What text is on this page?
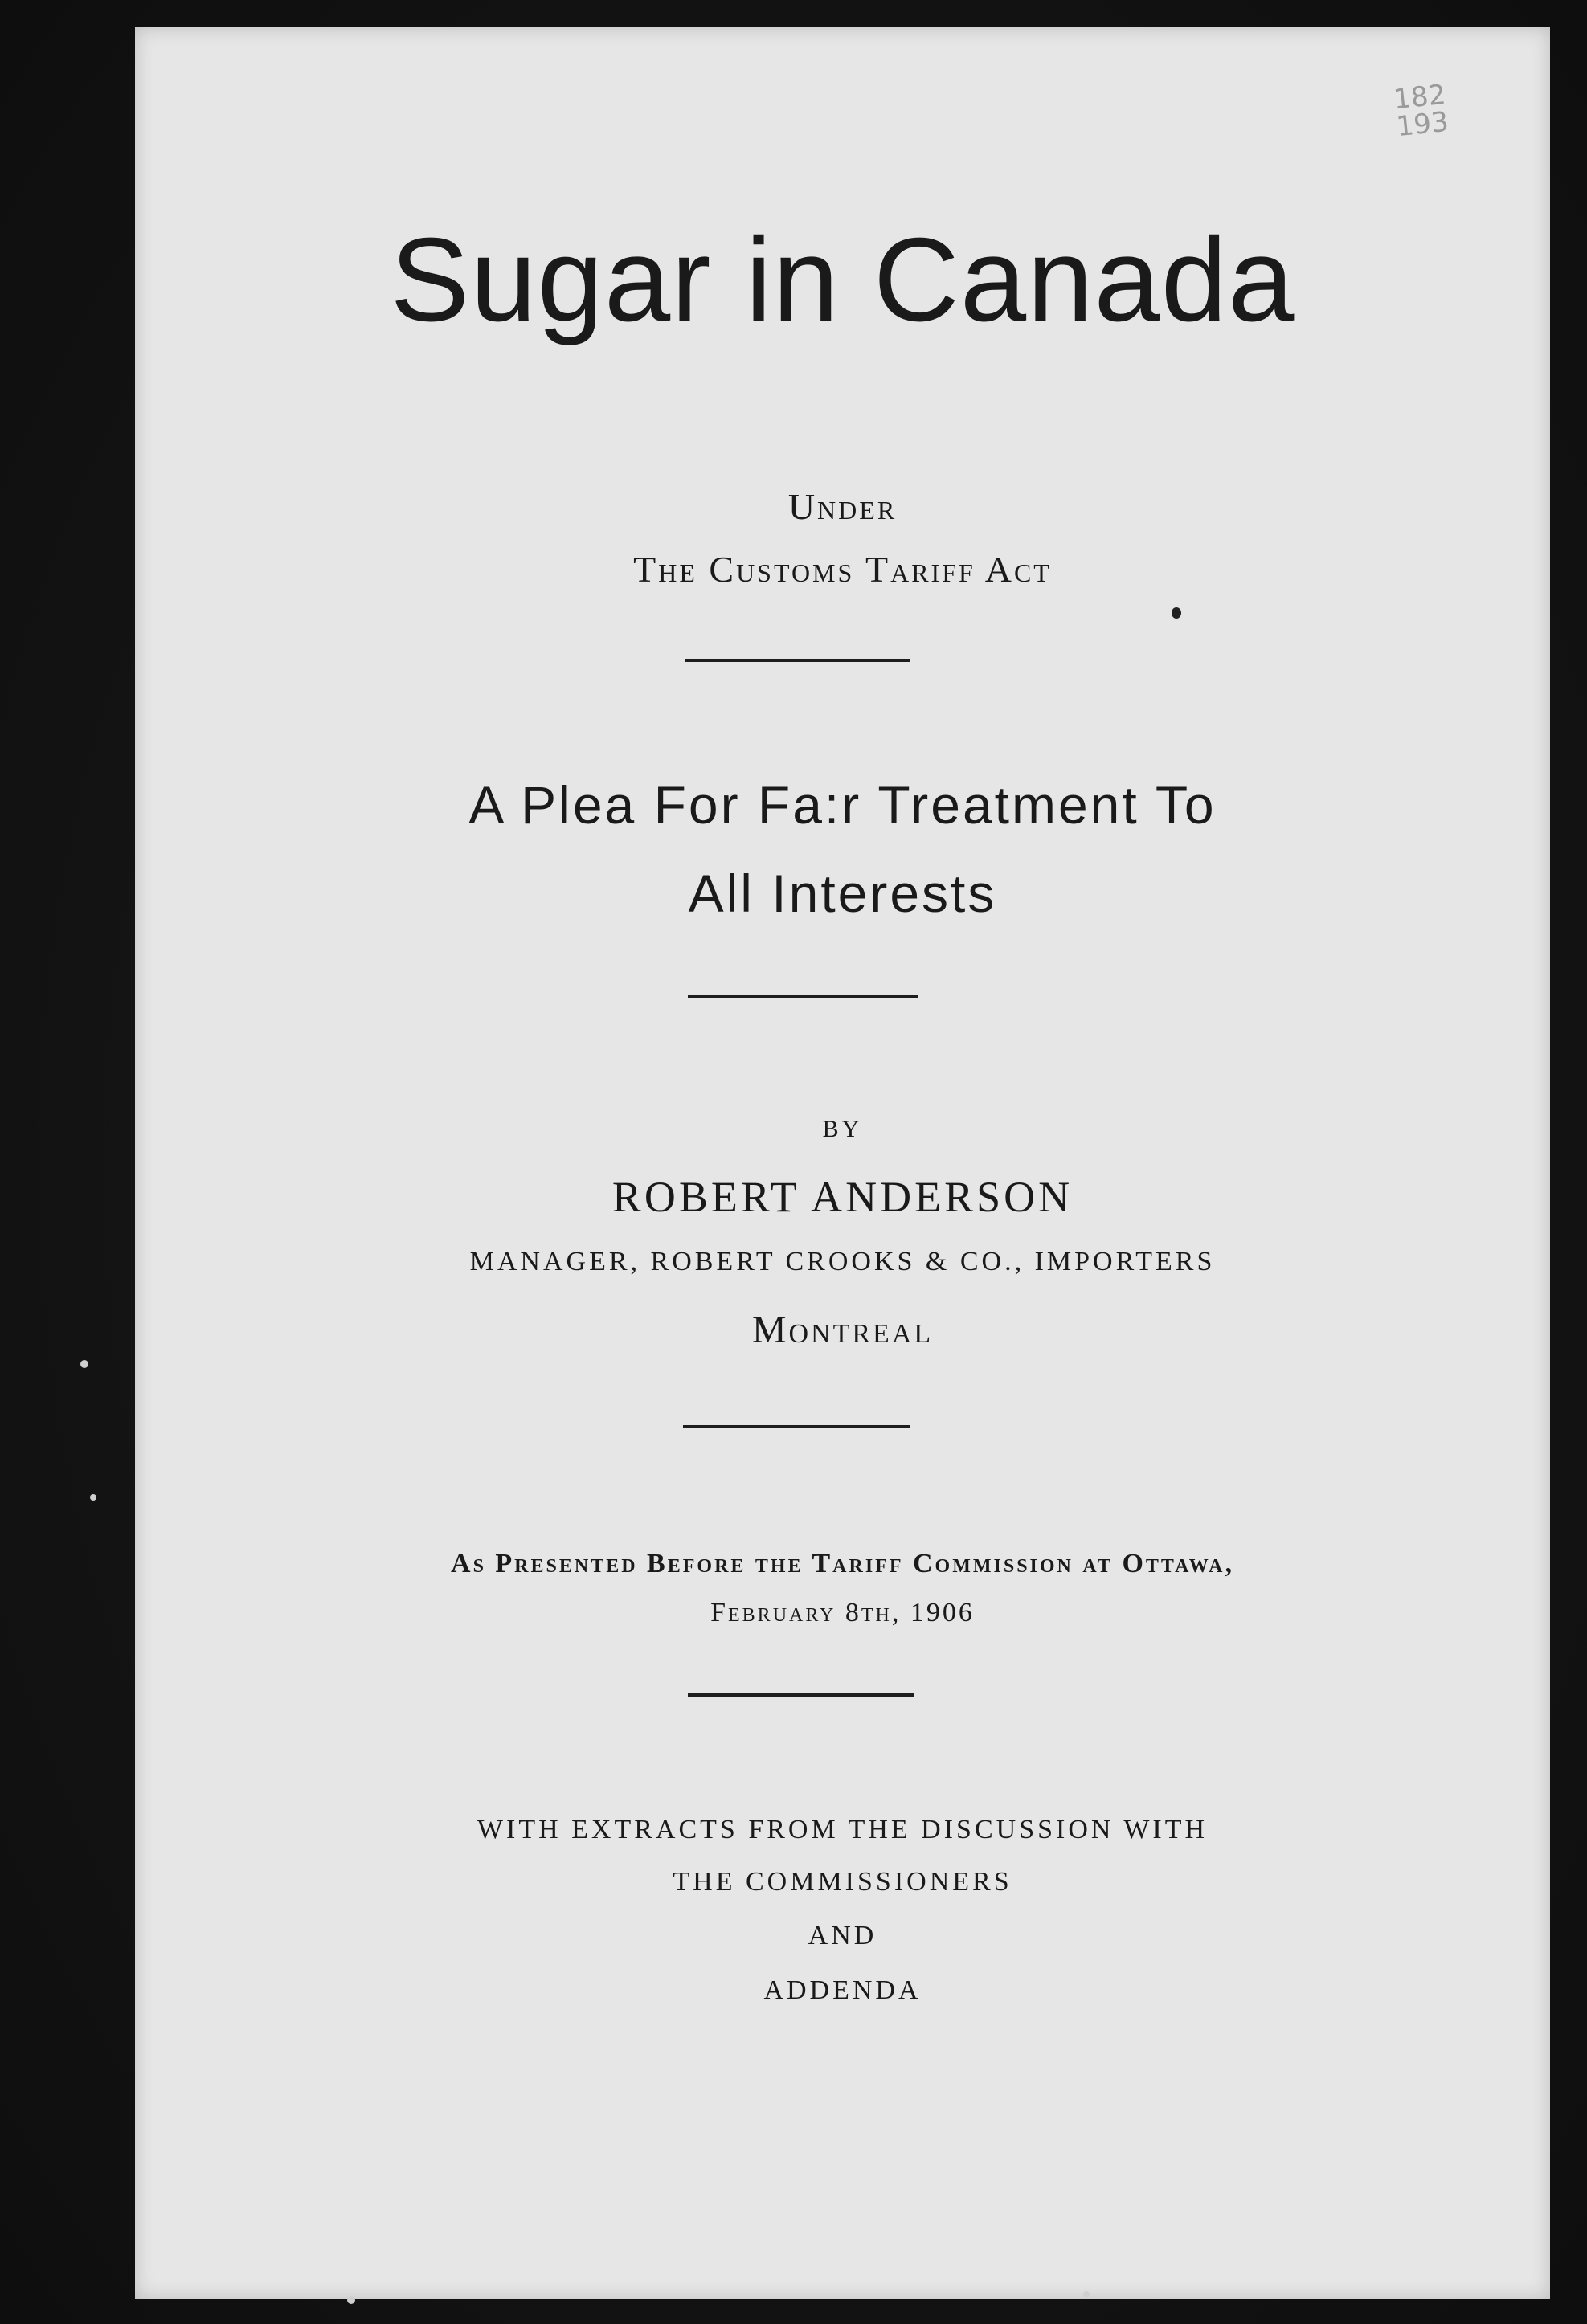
182
193
Sugar in Canada
Under
The Customs Tariff Act
A Plea For Fa:r Treatment To
All Interests
BY
ROBERT ANDERSON
MANAGER, ROBERT CROOKS & CO., IMPORTERS
Montreal
As Presented Before the Tariff Commission at Ottawa,
February 8th, 1906
WITH EXTRACTS FROM THE DISCUSSION WITH
THE COMMISSIONERS
AND
ADDENDA
